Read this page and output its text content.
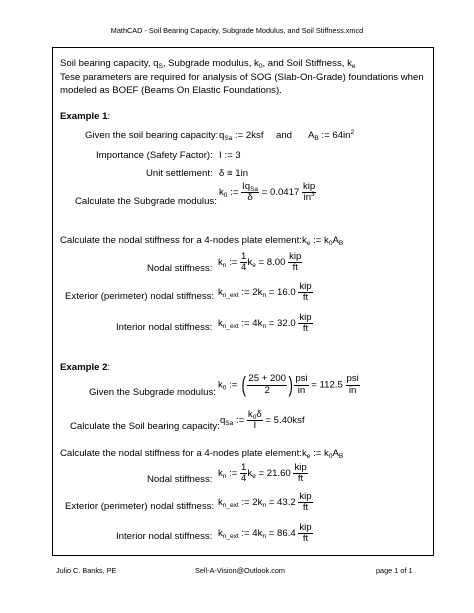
MathCAD - Soil Bearing Capacity, Subgrade Modulus, and Soil Stiffness.xmcd
Soil bearing capacity, $q_S$, Subgrade modulus, $k_0$, and Soil Stiffness, $k_e$
Tese parameters are required for analysis of SOG (Slab-On-Grade) foundations when
modeled as BOEF (Beams On Elastic Foundations).
Example 1:
Given the soil bearing capacity: $q_{Sa}$ := 2ksf and $A_B$ := $64in^2$
Importance (Safety Factor): I := 3
Unit settlement: δ ≡ 1in
Calculate the Subgrade modulus:
$k_0$ := $\frac{Iq_{Sa}}{\delta} = 0.0417 \frac{\text{kip}}{in^3}$
Calculate the nodal stiffness for a 4-nodes plate element: $k_e$ := $k_0A_B$
Nodal stiffness:
$k_n$ := $\frac{1}{4} k_e = 8.00 \frac{\text{kip}}{ft}$
Exterior (perimeter) nodal stiffness: $k_{n\_ext}$ := $2k_n = 16.0 \frac{\text{kip}}{ft}$
Interior nodal stiffness: $k_{n\_ext}$ := $4k_n = 32.0 \frac{\text{kip}}{ft}$
Example 2:
Given the Subgrade modulus:
$k_0$ := ( $\frac{25 + 200}{2}$ ) $\frac{\text{psi}}{in} = 112.5 \frac{\text{psi}}{in}$
Calculate the Soil bearing capacity:
$q_{Sa}$ := $\frac{k_0\delta}{I} = 5.40ksf$
Calculate the nodal stiffness for a 4-nodes plate element: $k_e$ := $k_0A_B$
Nodal stiffness:
$k_n$ := $\frac{1}{4} k_e = 21.60 \frac{\text{kip}}{ft}$
Exterior (perimeter) nodal stiffness: $k_{n\_ext}$ := $2k_n = 43.2 \frac{\text{kip}}{ft}$
Interior nodal stiffness: $k_{n\_ext}$ := $4k_n = 86.4 \frac{\text{kip}}{ft}$
Julio C. Banks, PE	Sell-A-Vision@Outlook.com	page 1 of 1
